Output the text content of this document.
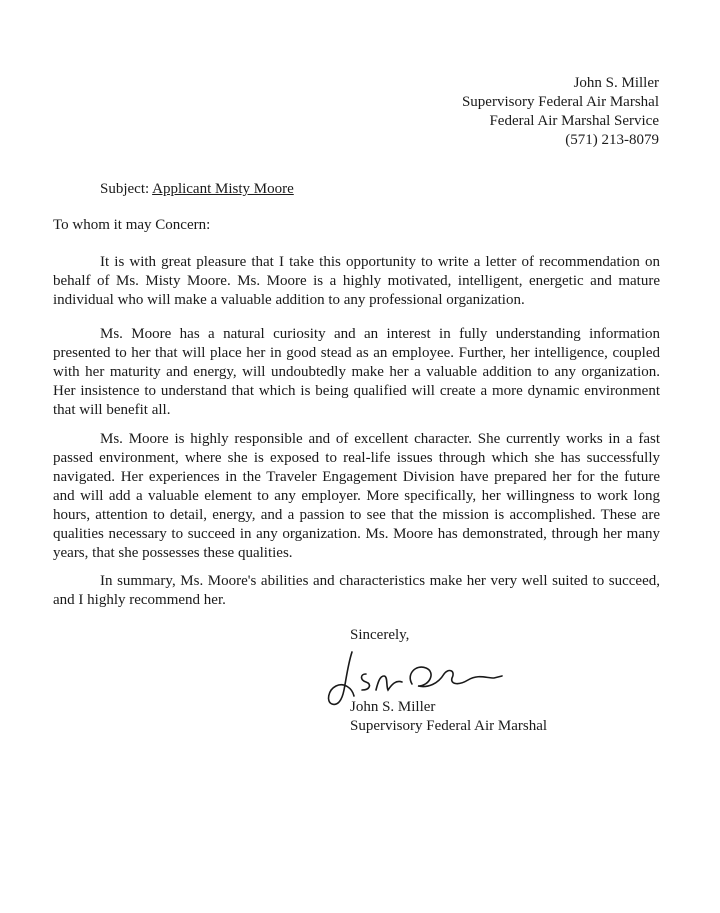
John S. Miller
Supervisory Federal Air Marshal
Federal Air Marshal Service
(571) 213-8079
Subject: Applicant Misty Moore
To whom it may Concern:

It is with great pleasure that I take this opportunity to write a letter of recommendation on behalf of Ms. Misty Moore. Ms. Moore is a highly motivated, intelligent, energetic and mature individual who will make a valuable addition to any professional organization.

Ms. Moore has a natural curiosity and an interest in fully understanding information presented to her that will place her in good stead as an employee. Further, her intelligence, coupled with her maturity and energy, will undoubtedly make her a valuable addition to any organization. Her insistence to understand that which is being qualified will create a more dynamic environment that will benefit all.

Ms. Moore is highly responsible and of excellent character. She currently works in a fast passed environment, where she is exposed to real-life issues through which she has successfully navigated. Her experiences in the Traveler Engagement Division have prepared her for the future and will add a valuable element to any employer. More specifically, her willingness to work long hours, attention to detail, energy, and a passion to see that the mission is accomplished. These are qualities necessary to succeed in any organization. Ms. Moore has demonstrated, through her many years, that she possesses these qualities.

In summary, Ms. Moore's abilities and characteristics make her very well suited to succeed, and I highly recommend her.

Sincerely,
John S. Miller
Supervisory Federal Air Marshal
